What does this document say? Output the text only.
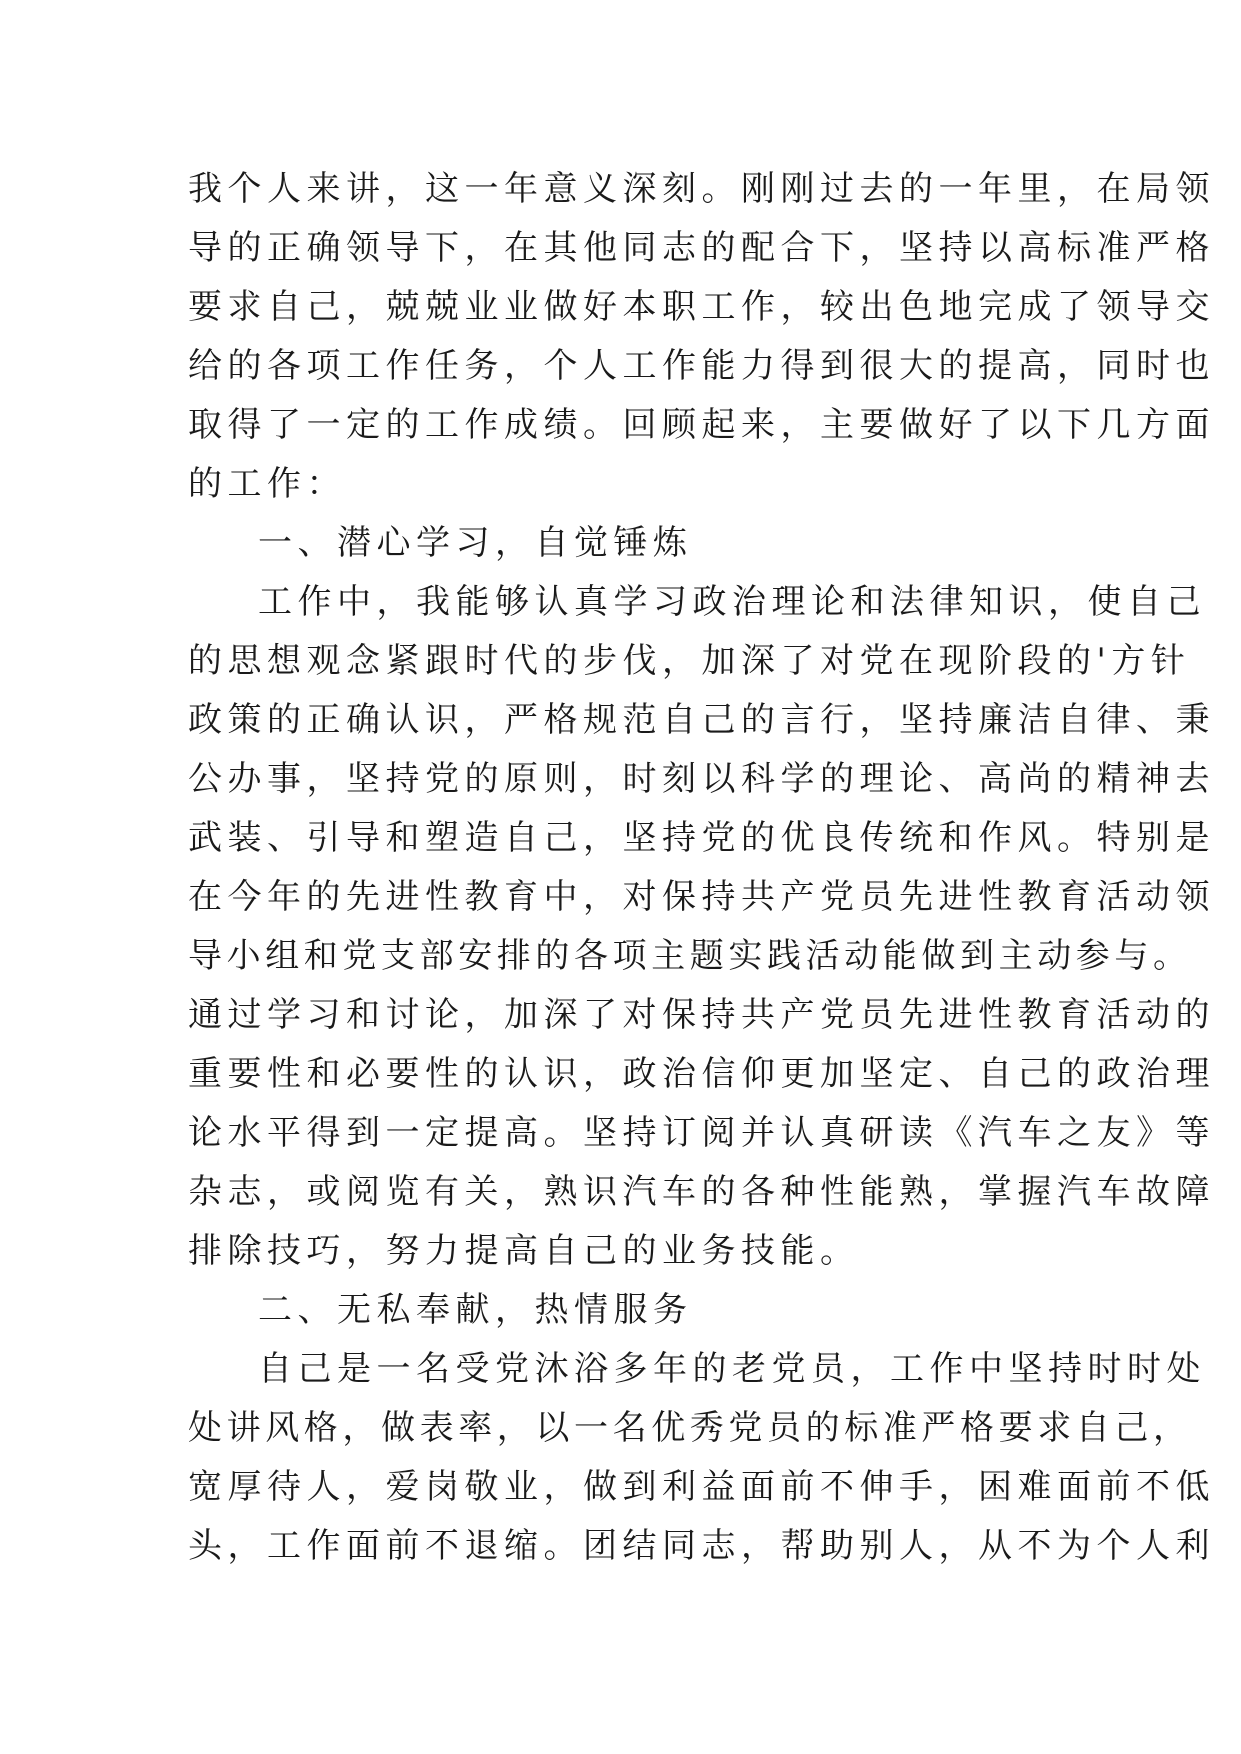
我个人来讲，这一年意义深刻。刚刚过去的一年里，在局领
导的正确领导下，在其他同志的配合下，坚持以高标准严格
要求自己，兢兢业业做好本职工作，较出色地完成了领导交
给的各项工作任务，个人工作能力得到很大的提高，同时也
取得了一定的工作成绩。回顾起来，主要做好了以下几方面
的工作：
一、潜心学习，自觉锤炼
工作中，我能够认真学习政治理论和法律知识，使自己
的思想观念紧跟时代的步伐，加深了对党在现阶段的'方针
政策的正确认识，严格规范自己的言行，坚持廉洁自律、秉
公办事，坚持党的原则，时刻以科学的理论、高尚的精神去
武装、引导和塑造自己，坚持党的优良传统和作风。特别是
在今年的先进性教育中，对保持共产党员先进性教育活动领
导小组和党支部安排的各项主题实践活动能做到主动参与。
通过学习和讨论，加深了对保持共产党员先进性教育活动的
重要性和必要性的认识，政治信仰更加坚定、自己的政治理
论水平得到一定提高。坚持订阅并认真研读《汽车之友》等
杂志，或阅览有关，熟识汽车的各种性能熟，掌握汽车故障
排除技巧，努力提高自己的业务技能。
二、无私奉献，热情服务
自己是一名受党沐浴多年的老党员，工作中坚持时时处
处讲风格，做表率，以一名优秀党员的标准严格要求自己，
宽厚待人，爱岗敬业，做到利益面前不伸手，困难面前不低
头，工作面前不退缩。团结同志，帮助别人，从不为个人利
